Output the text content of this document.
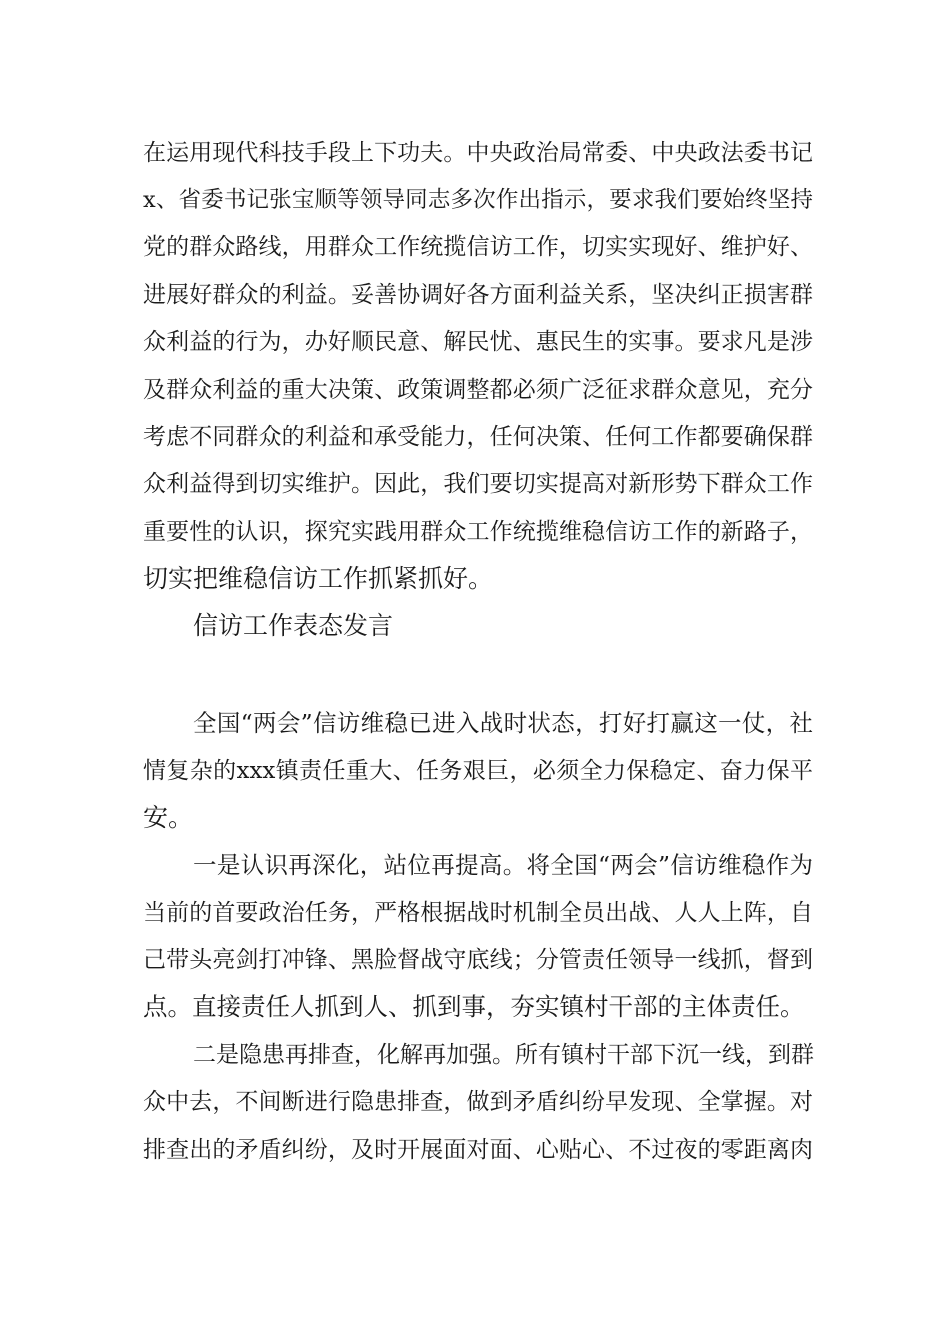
在运用现代科技手段上下功夫。中央政治局常委、中央政法委书记
x、省委书记张宝顺等领导同志多次作出指示，要求我们要始终坚持
党的群众路线，用群众工作统揽信访工作，切实实现好、维护好、
进展好群众的利益。妥善协调好各方面利益关系，坚决纠正损害群
众利益的行为，办好顺民意、解民忧、惠民生的实事。要求凡是涉
及群众利益的重大决策、政策调整都必须广泛征求群众意见，充分
考虑不同群众的利益和承受能力，任何决策、任何工作都要确保群
众利益得到切实维护。因此，我们要切实提高对新形势下群众工作
重要性的认识，探究实践用群众工作统揽维稳信访工作的新路子，
切实把维稳信访工作抓紧抓好。
信访工作表态发言
全国“两会”信访维稳已进入战时状态，打好打赢这一仗，社
情复杂的xxx镇责任重大、任务艰巨，必须全力保稳定、奋力保平
安。
一是认识再深化，站位再提高。将全国“两会”信访维稳作为
当前的首要政治任务，严格根据战时机制全员出战、人人上阵，自
己带头亮剑打冲锋、黑脸督战守底线；分管责任领导一线抓，督到
点。直接责任人抓到人、抓到事，夯实镇村干部的主体责任。
二是隐患再排查，化解再加强。所有镇村干部下沉一线，到群
众中去，不间断进行隐患排查，做到矛盾纠纷早发现、全掌握。对
排查出的矛盾纠纷，及时开展面对面、心贴心、不过夜的零距离肉
